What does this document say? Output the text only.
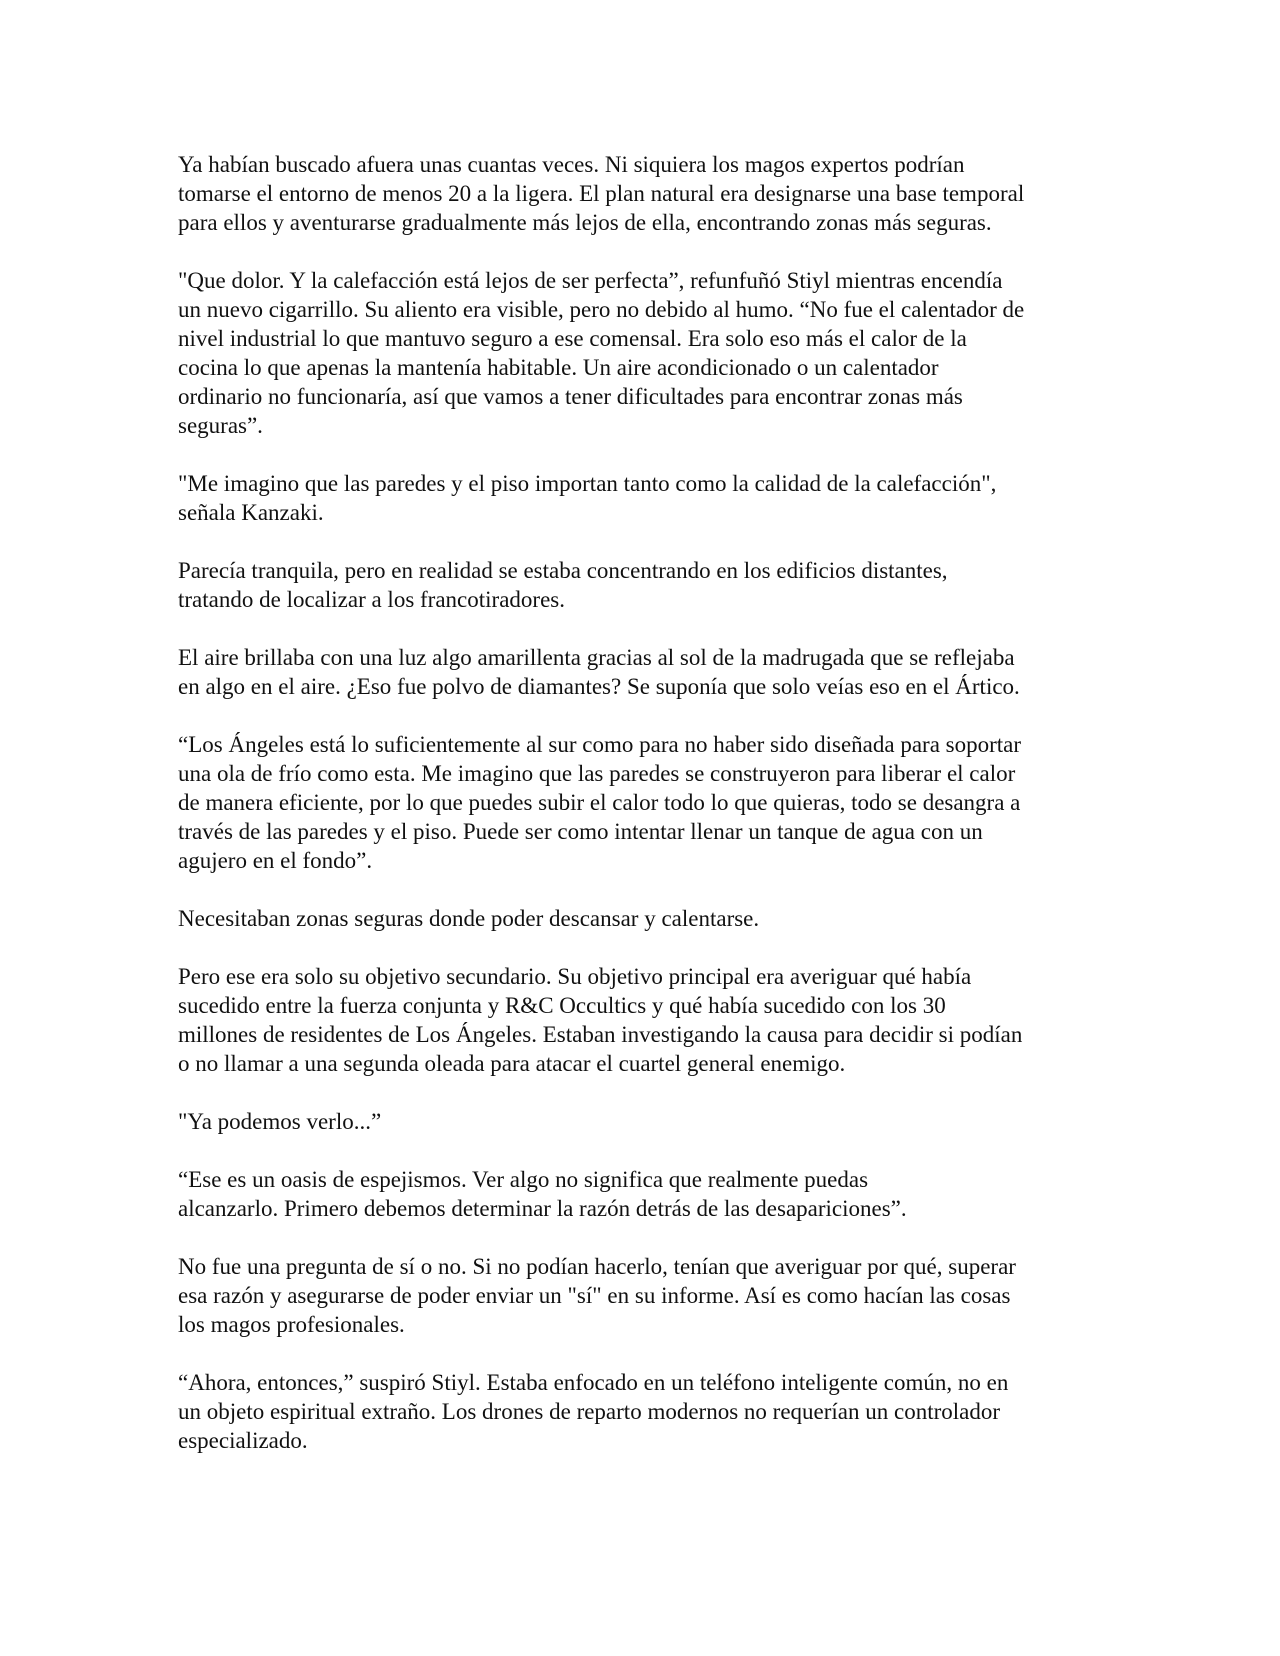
Ya habían buscado afuera unas cuantas veces. Ni siquiera los magos expertos podrían
tomarse el entorno de menos 20 a la ligera. El plan natural era designarse una base temporal
para ellos y aventurarse gradualmente más lejos de ella, encontrando zonas más seguras.

"Que dolor. Y la calefacción está lejos de ser perfecta”, refunfuñó Stiyl mientras encendía
un nuevo cigarrillo. Su aliento era visible, pero no debido al humo. “No fue el calentador de
nivel industrial lo que mantuvo seguro a ese comensal. Era solo eso más el calor de la
cocina lo que apenas la mantenía habitable. Un aire acondicionado o un calentador
ordinario no funcionaría, así que vamos a tener dificultades para encontrar zonas más
seguras”.

"Me imagino que las paredes y el piso importan tanto como la calidad de la calefacción",
señala Kanzaki.

Parecía tranquila, pero en realidad se estaba concentrando en los edificios distantes,
tratando de localizar a los francotiradores.

El aire brillaba con una luz algo amarillenta gracias al sol de la madrugada que se reflejaba
en algo en el aire. ¿Eso fue polvo de diamantes? Se suponía que solo veías eso en el Ártico.

“Los Ángeles está lo suficientemente al sur como para no haber sido diseñada para soportar
una ola de frío como esta. Me imagino que las paredes se construyeron para liberar el calor
de manera eficiente, por lo que puedes subir el calor todo lo que quieras, todo se desangra a
través de las paredes y el piso. Puede ser como intentar llenar un tanque de agua con un
agujero en el fondo”.

Necesitaban zonas seguras donde poder descansar y calentarse.

Pero ese era solo su objetivo secundario. Su objetivo principal era averiguar qué había
sucedido entre la fuerza conjunta y R&C Occultics y qué había sucedido con los 30
millones de residentes de Los Ángeles. Estaban investigando la causa para decidir si podían
o no llamar a una segunda oleada para atacar el cuartel general enemigo.

"Ya podemos verlo...”

“Ese es un oasis de espejismos. Ver algo no significa que realmente puedas
alcanzarlo. Primero debemos determinar la razón detrás de las desapariciones”.

No fue una pregunta de sí o no. Si no podían hacerlo, tenían que averiguar por qué, superar
esa razón y asegurarse de poder enviar un "sí" en su informe. Así es como hacían las cosas
los magos profesionales.

“Ahora, entonces,” suspiró Stiyl. Estaba enfocado en un teléfono inteligente común, no en
un objeto espiritual extraño. Los drones de reparto modernos no requerían un controlador
especializado.
